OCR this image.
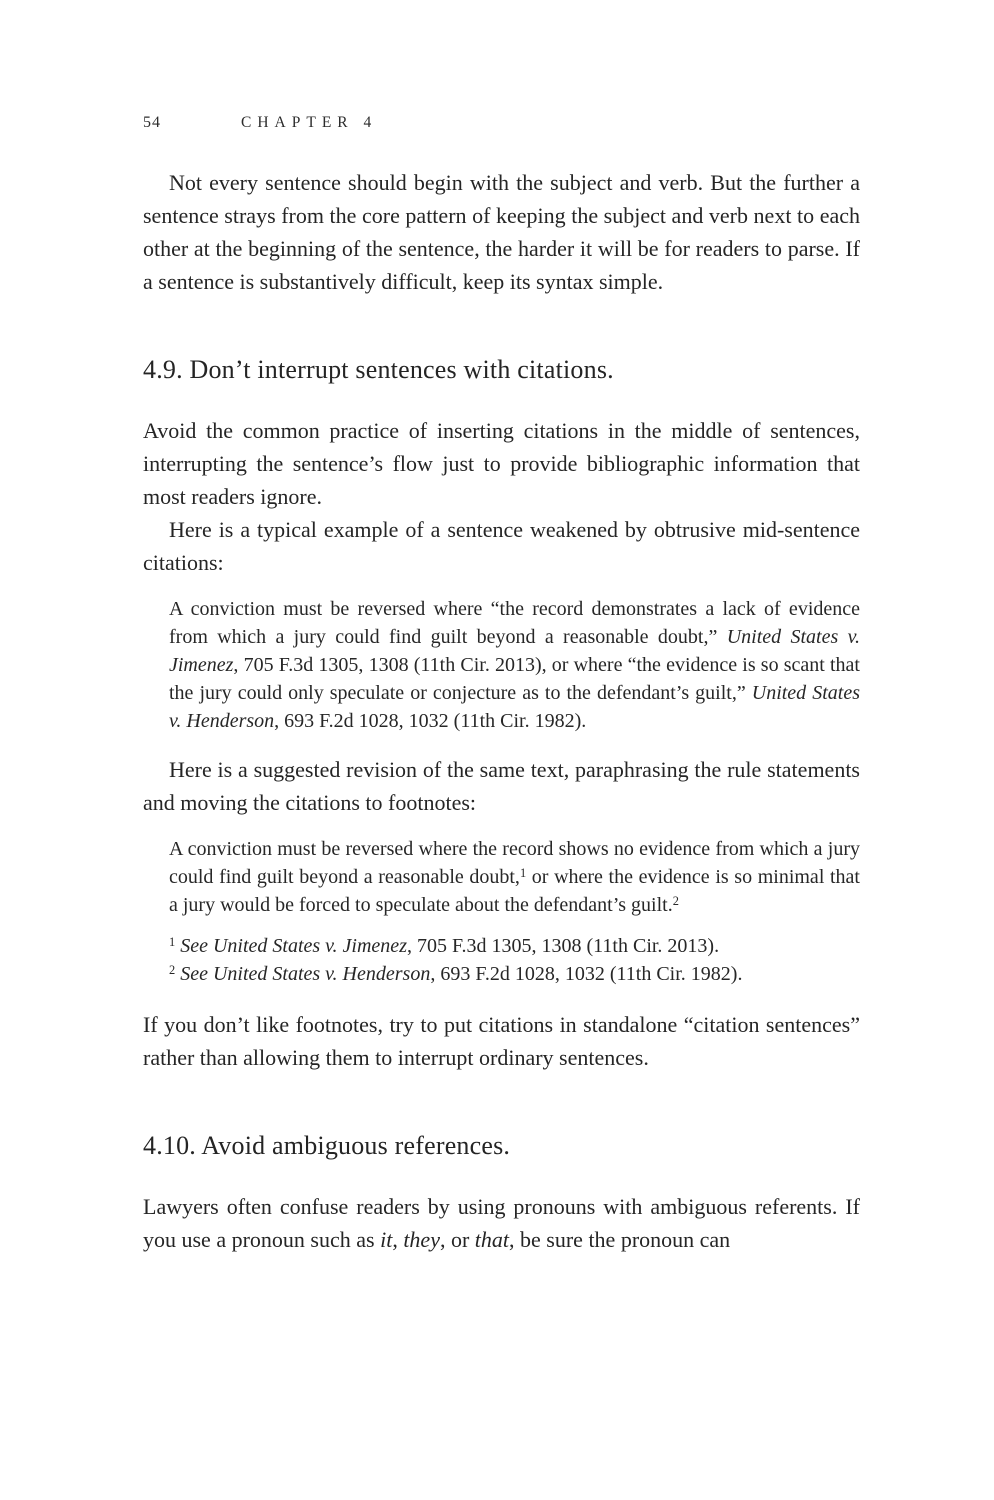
54	CHAPTER 4

Not every sentence should begin with the subject and verb. But the further a sentence strays from the core pattern of keeping the subject and verb next to each other at the beginning of the sentence, the harder it will be for readers to parse. If a sentence is substantively difficult, keep its syntax simple.

4.9. Don’t interrupt sentences with citations.

Avoid the common practice of inserting citations in the middle of sentences, interrupting the sentence’s flow just to provide bibliographic information that most readers ignore.

Here is a typical example of a sentence weakened by obtrusive mid-sentence citations:

A conviction must be reversed where “the record demonstrates a lack of evidence from which a jury could find guilt beyond a reasonable doubt,” United States v. Jimenez, 705 F.3d 1305, 1308 (11th Cir. 2013), or where “the evidence is so scant that the jury could only speculate or conjecture as to the defendant’s guilt,” United States v. Henderson, 693 F.2d 1028, 1032 (11th Cir. 1982).

Here is a suggested revision of the same text, paraphrasing the rule statements and moving the citations to footnotes:

A conviction must be reversed where the record shows no evidence from which a jury could find guilt beyond a reasonable doubt,$^1$ or where the evidence is so minimal that a jury would be forced to speculate about the defendant’s guilt.$^2$

$^1$ See United States v. Jimenez, 705 F.3d 1305, 1308 (11th Cir. 2013).

$^2$ See United States v. Henderson, 693 F.2d 1028, 1032 (11th Cir. 1982).

If you don’t like footnotes, try to put citations in standalone “citation sentences” rather than allowing them to interrupt ordinary sentences.

4.10. Avoid ambiguous references.

Lawyers often confuse readers by using pronouns with ambiguous referents. If you use a pronoun such as it, they, or that, be sure the pronoun can
